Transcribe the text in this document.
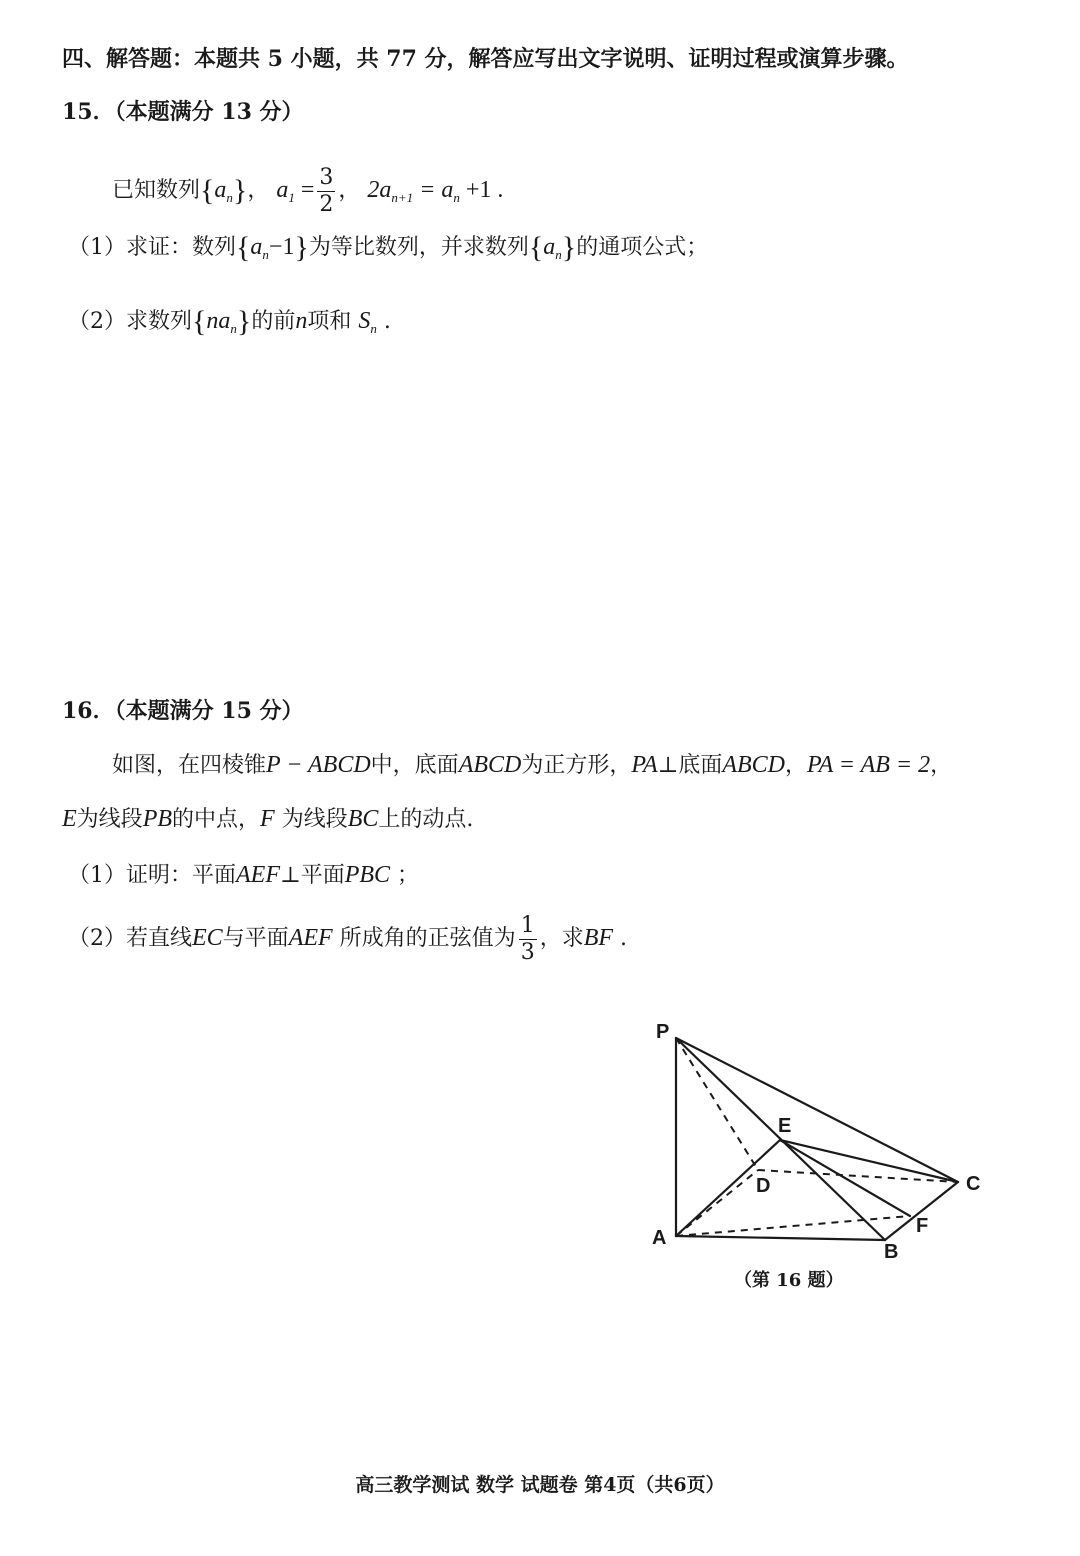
四、解答题：本题共 5 小题，共 77 分，解答应写出文字说明、证明过程或演算步骤。
15．（本题满分 13 分）
已知数列$\{a_n\}$， $a_1 = \frac{3}{2}$ ， $2a_{n+1} = a_n +1$ .
（1）求证：数列$\{a_n-1\}$为等比数列，并求数列$\{a_n\}$的通项公式；
（2）求数列$\{na_n\}$的前n项和 $S_n$ .
16．（本题满分 15 分）
如图，在四棱锥P − ABCD中，底面ABCD为正方形，PA⊥底面ABCD，PA = AB = 2，
E为线段PB的中点，F 为线段BC上的动点.
（1）证明：平面AEF⊥平面PBC ；
（2）若直线EC与平面AEF 所成角的正弦值为 $\frac{1}{3}$ ，求BF .
P
E
D	C
A
F
B
（第 16 题）
高三教学测试 数学 试题卷 第4页（共6页）
